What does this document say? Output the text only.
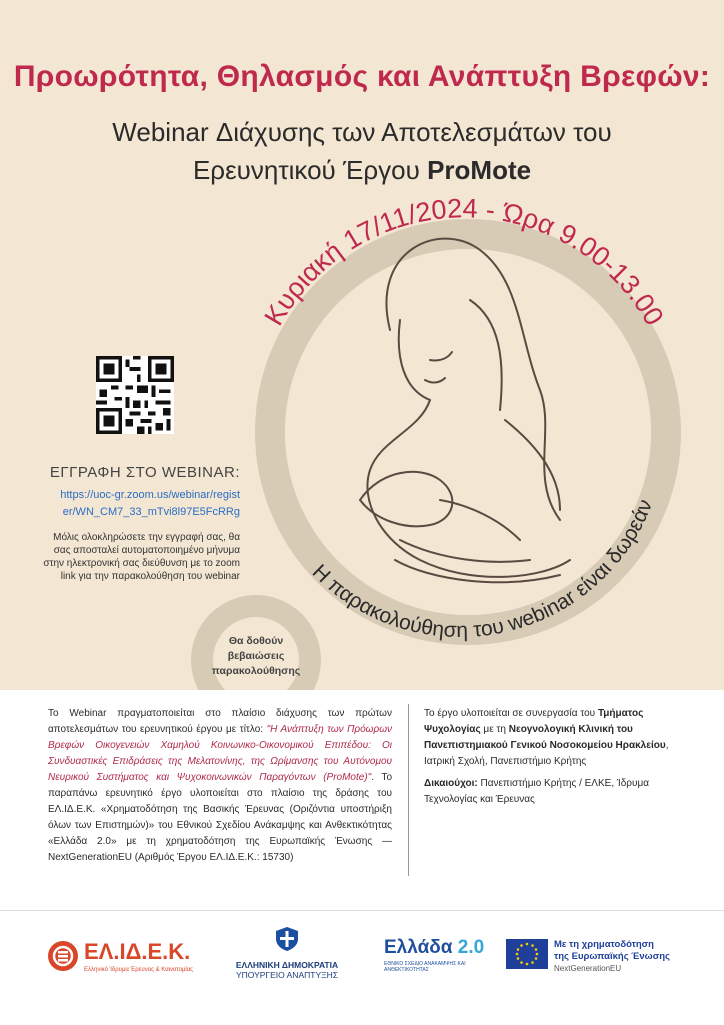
Κυριακή 17/11/2024 - Ώρα 9.00-13.00
Η παρακολούθηση του webinar είναι δωρεάν
Προωρότητα, Θηλασμός και Ανάπτυξη Βρεφών:
Webinar Διάχυσης των Αποτελεσμάτων του
Ερευνητικού Έργου ProMote
ΕΓΓΡΑΦΗ ΣΤΟ WEBINAR:
https://uoc-gr.zoom.us/webinar/regist
er/WN_CM7_33_mTvi8l97E5FcRRg
Μόλις ολοκληρώσετε την εγγραφή σας, θα σας αποσταλεί αυτοματοποιημένο μήνυμα στην ηλεκτρονική σας διεύθυνση με το zoom link για την παρακολούθηση του webinar
Θα δοθούν
βεβαιώσεις
παρακολούθησης
Το Webinar πραγματοποιείται στο πλαίσιο διάχυσης των πρώτων αποτελεσμάτων του ερευνητικού έργου με τίτλο: "Η Ανάπτυξη των Πρόωρων Βρεφών Οικογενειών Χαμηλού Κοινωνικο-Οικονομικού Επιπέδου: Οι Συνδυαστικές Επιδράσεις της Μελατονίνης, της Ωρίμανσης του Αυτόνομου Νευρικού Συστήματος και Ψυχοκοινωνικών Παραγόντων (ProMote)". Το παραπάνω ερευνητικό έργο υλοποιείται στο πλαίσιο της δράσης του ΕΛ.ΙΔ.Ε.Κ. «Χρηματοδότηση της Βασικής Έρευνας (Οριζόντια υποστήριξη όλων των Επιστημών)» του Εθνικού Σχεδίου Ανάκαμψης και Ανθεκτικότητας «Ελλάδα 2.0» με τη χρηματοδότηση της Ευρωπαϊκής Ένωσης — NextGenerationEU (Αριθμός Έργου ΕΛ.ΙΔ.Ε.Κ.: 15730)
Το έργο υλοποιείται σε συνεργασία του Τμήματος Ψυχολογίας με τη Νεογνολογική Κλινική του Πανεπιστημιακού Γενικού Νοσοκομείου Ηρακλείου, Ιατρική Σχολή, Πανεπιστήμιο Κρήτης
Δικαιούχοι: Πανεπιστήμιο Κρήτης / ΕΛΚΕ, Ίδρυμα Τεχνολογίας και Έρευνας
ΕΛ.ΙΔ.Ε.Κ.
Ελληνικό Ίδρυμα Έρευνας & Καινοτομίας	ΕΛΛΗΝΙΚΗ ΔΗΜΟΚΡΑΤΙΑ
ΥΠΟΥΡΓΕΙΟ ΑΝΑΠΤΥΞΗΣ
Ελλάδα 2.0
ΕΘΝΙΚΟ ΣΧΕΔΙΟ ΑΝΑΚΑΜΨΗΣ ΚΑΙ ΑΝΘΕΚΤΙΚΟΤΗΤΑΣ
Με τη χρηματοδότηση
της Ευρωπαϊκής Ένωσης
NextGenerationEU
